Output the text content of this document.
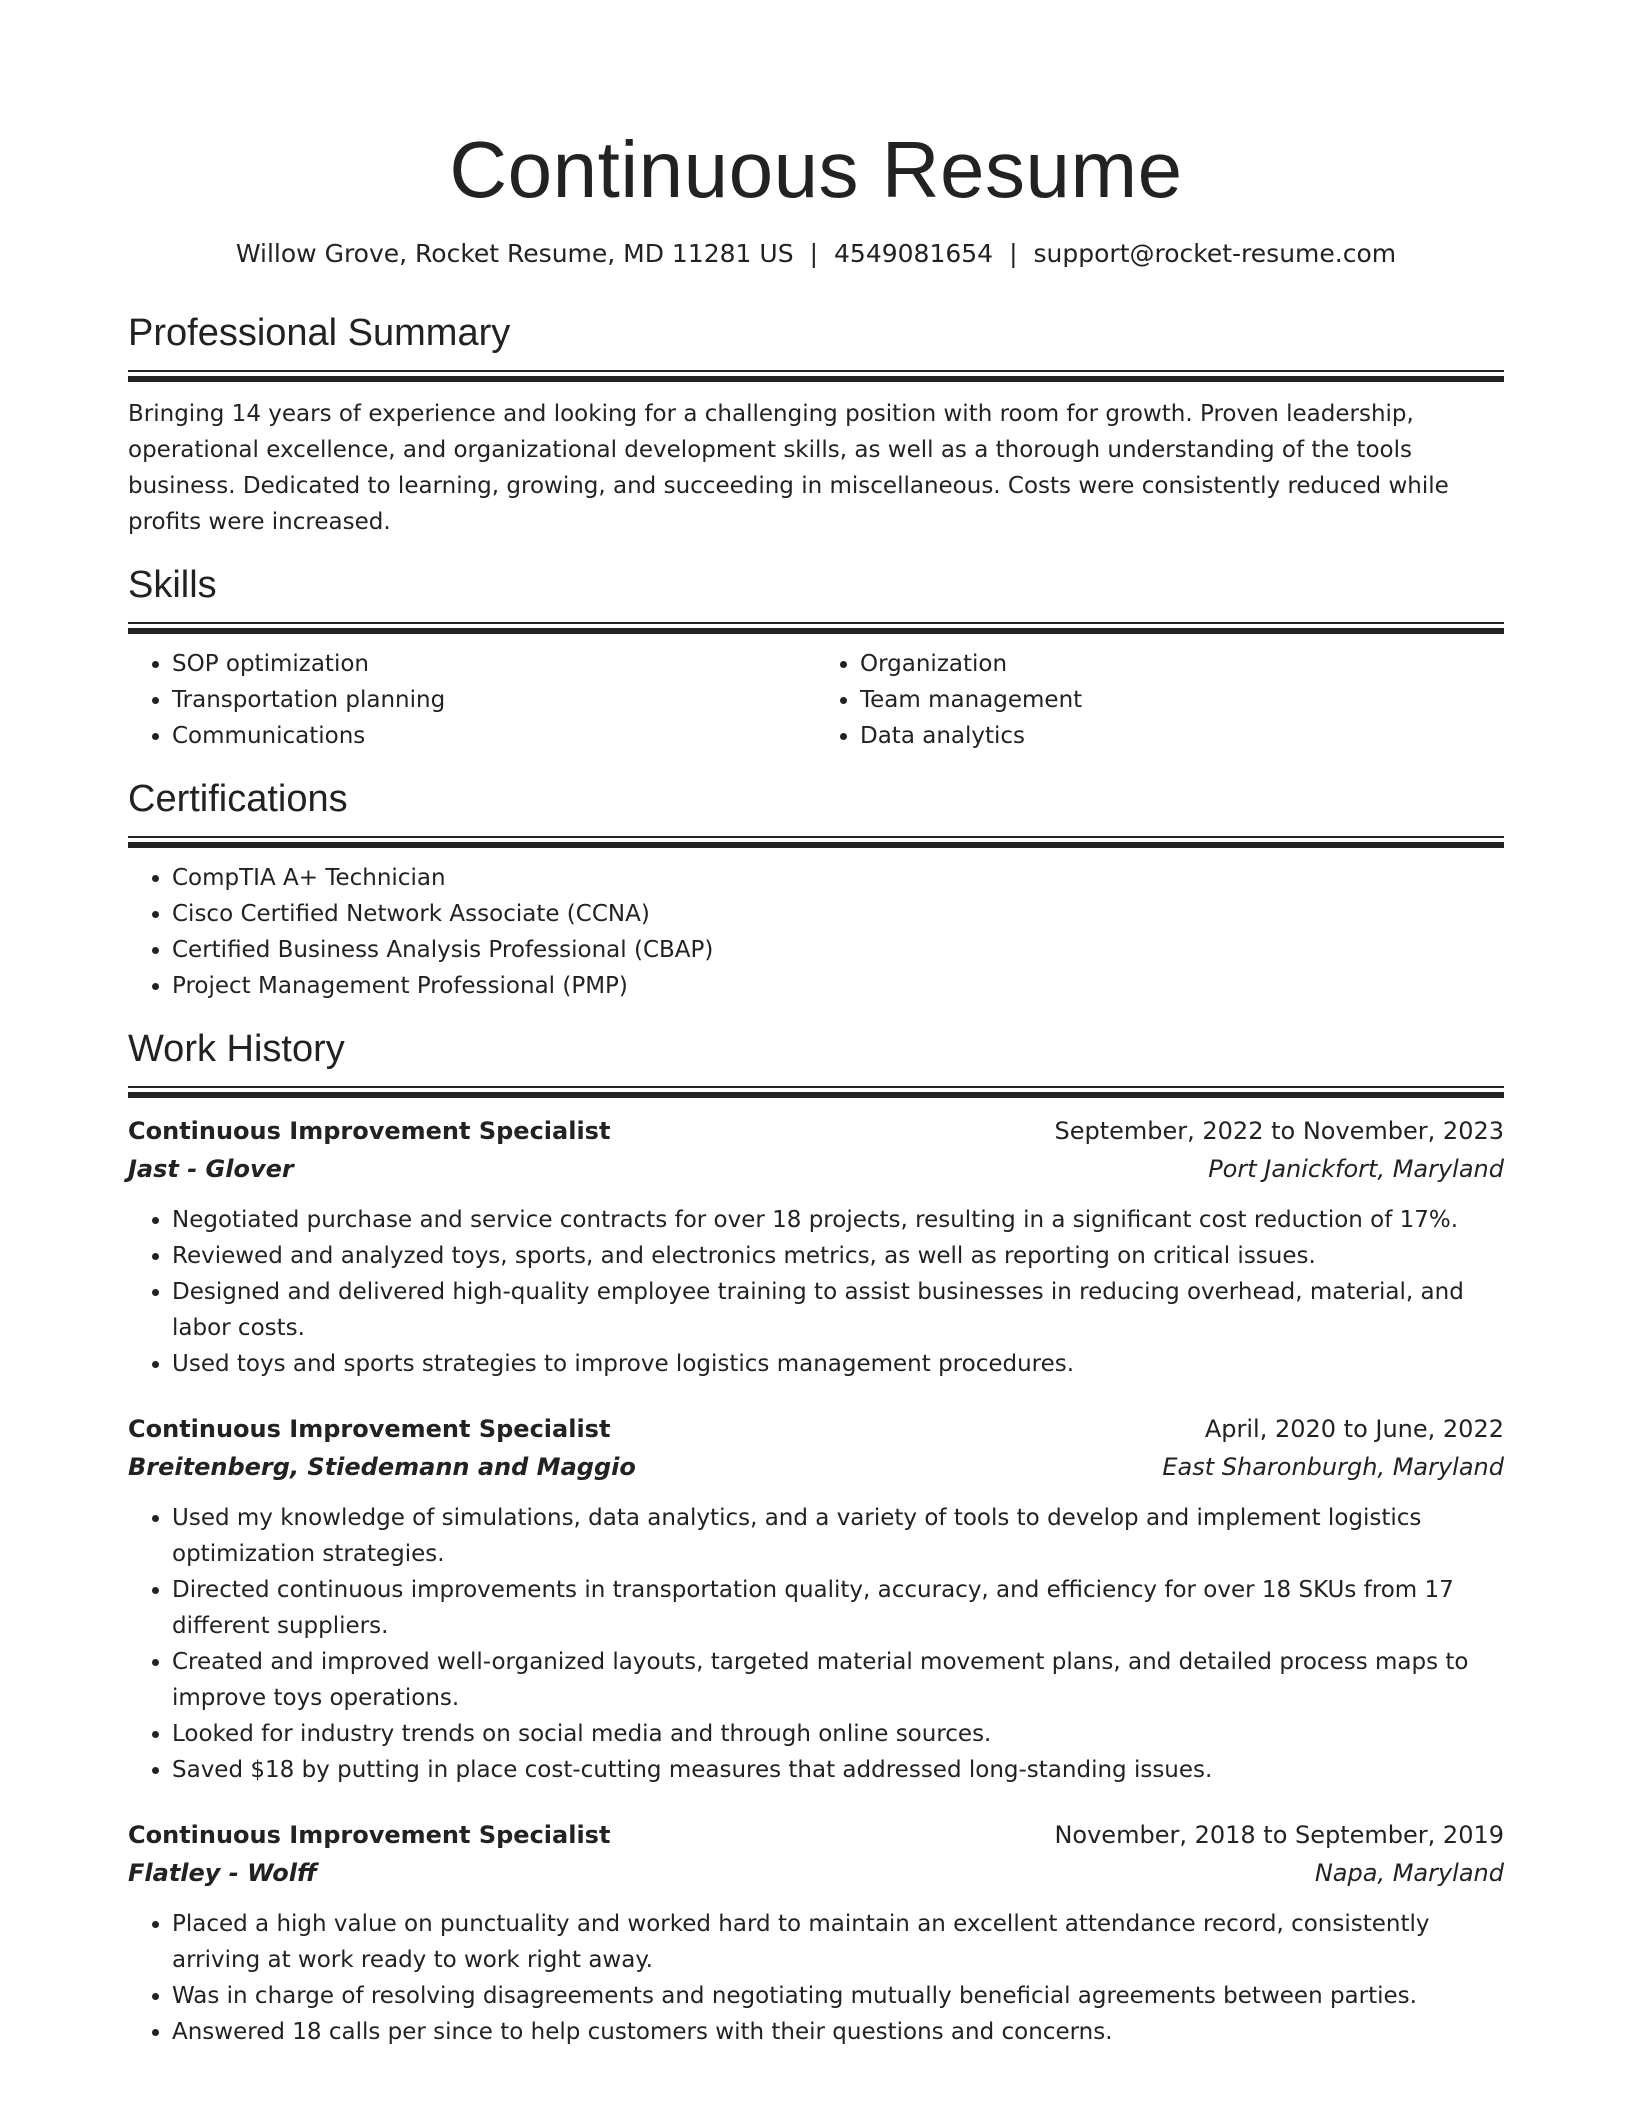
Continuous Resume
Willow Grove, Rocket Resume, MD 11281 US | 4549081654 | support@rocket-resume.com
Professional Summary

Bringing 14 years of experience and looking for a challenging position with room for growth. Proven leadership, operational excellence, and organizational development skills, as well as a thorough understanding of the tools business. Dedicated to learning, growing, and succeeding in miscellaneous. Costs were consistently reduced while profits were increased.

Skills
• SOP optimization
• Transportation planning
• Communications
• Organization
• Team management
• Data analytics
Certifications
• CompTIA A+ Technician
• Cisco Certified Network Associate (CCNA)
• Certified Business Analysis Professional (CBAP)
• Project Management Professional (PMP)
Work History
Continuous Improvement Specialist	September, 2022 to November, 2023
Jast - Glover	Port Janickfort, Maryland
• Negotiated purchase and service contracts for over 18 projects, resulting in a significant cost reduction of 17%.
• Reviewed and analyzed toys, sports, and electronics metrics, as well as reporting on critical issues.
• Designed and delivered high-quality employee training to assist businesses in reducing overhead, material, and labor costs.
• Used toys and sports strategies to improve logistics management procedures.
Continuous Improvement Specialist	April, 2020 to June, 2022
Breitenberg, Stiedemann and Maggio	East Sharonburgh, Maryland
• Used my knowledge of simulations, data analytics, and a variety of tools to develop and implement logistics optimization strategies.
• Directed continuous improvements in transportation quality, accuracy, and efficiency for over 18 SKUs from 17 different suppliers.
• Created and improved well-organized layouts, targeted material movement plans, and detailed process maps to improve toys operations.
• Looked for industry trends on social media and through online sources.
• Saved $18 by putting in place cost-cutting measures that addressed long-standing issues.
Continuous Improvement Specialist	November, 2018 to September, 2019
Flatley - Wolff	Napa, Maryland
• Placed a high value on punctuality and worked hard to maintain an excellent attendance record, consistently arriving at work ready to work right away.
• Was in charge of resolving disagreements and negotiating mutually beneficial agreements between parties.
• Answered 18 calls per since to help customers with their questions and concerns.
